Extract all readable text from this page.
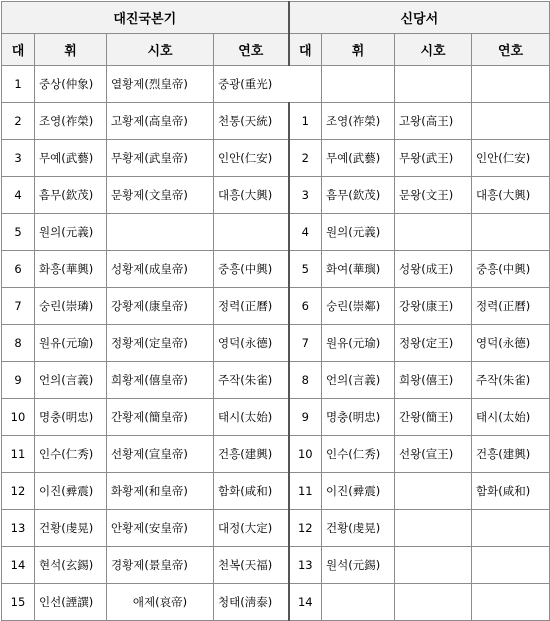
대진국본기				신당서			
대	휘	시호	연호	대	휘	시호	연호
1	중상(仲象)	열황제(烈皇帝)	중광(重光)				
2	조영(祚榮)	고황제(高皇帝)	천통(天統)	1	조영(祚榮)	고왕(高王)	
3	무예(武藝)	무황제(武皇帝)	인안(仁安)	2	무예(武藝)	무왕(武王)	인안(仁安)
4	흠무(欽茂)	문황제(文皇帝)	대흥(大興)	3	흠무(欽茂)	문왕(文王)	대흥(大興)
5	원의(元義)			4	원의(元義)		
6	화흥(華興)	성황제(成皇帝)	중흥(中興)	5	화여(華璵)	성왕(成王)	중흥(中興)
7	숭린(崇璘)	강황제(康皇帝)	정력(正曆)	6	숭린(崇鄰)	강왕(康王)	정력(正曆)
8	원유(元瑜)	정황제(定皇帝)	영덕(永德)	7	원유(元瑜)	정왕(定王)	영덕(永德)
9	언의(言義)	희황제(僖皇帝)	주작(朱雀)	8	언의(言義)	희왕(僖王)	주작(朱雀)
10	명충(明忠)	간황제(簡皇帝)	태시(太始)	9	명충(明忠)	간왕(簡王)	태시(太始)
11	인수(仁秀)	선황제(宣皇帝)	건흥(建興)	10	인수(仁秀)	선왕(宣王)	건흥(建興)
12	이진(彛震)	화황제(和皇帝)	함화(咸和)	11	이진(彛震)		함화(咸和)
13	건황(虔晃)	안황제(安皇帝)	대정(大定)	12	건황(虔晃)		
14	현석(玄錫)	경황제(景皇帝)	천복(天福)	13	원석(元錫)		
15	인선(諲譔)	애제(哀帝)	청태(淸泰)	14			
